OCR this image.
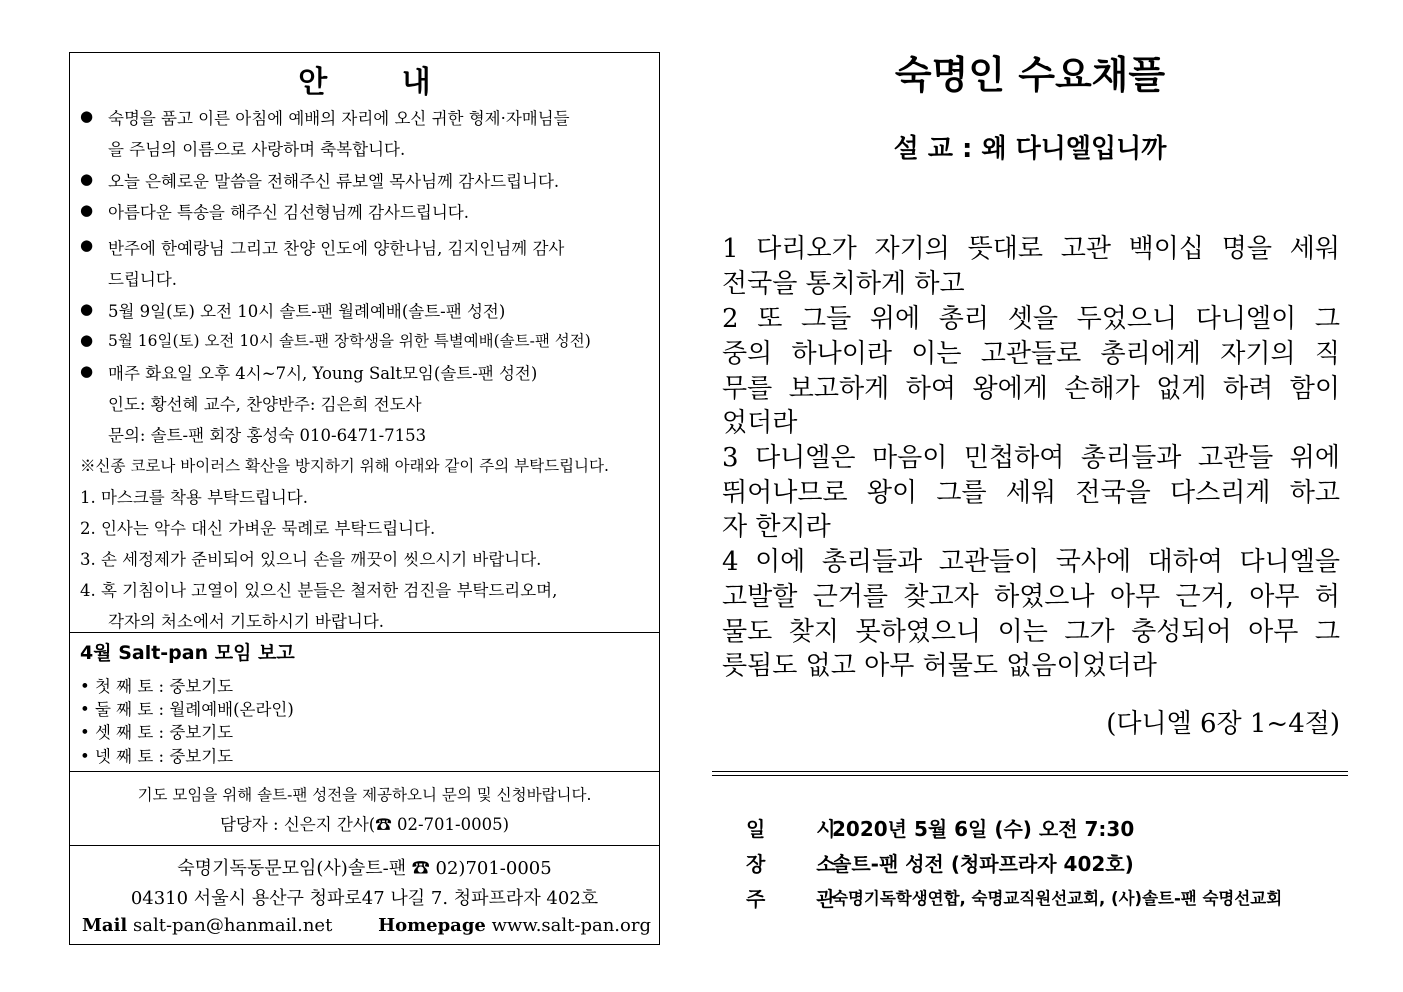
안 내
● 숙명을 품고 이른 아침에 예배의 자리에 오신 귀한 형제·자매님들
을 주님의 이름으로 사랑하며 축복합니다.
● 오늘 은혜로운 말씀을 전해주신 류보엘 목사님께 감사드립니다.
● 아름다운 특송을 해주신 김선형님께 감사드립니다.
● 반주에 한예랑님 그리고 찬양 인도에 양한나님, 김지인님께 감사
드립니다.
● 5월 9일(토) 오전 10시 솔트-팬 월례예배(솔트-팬 성전)
● 5월 16일(토) 오전 10시 솔트-팬 장학생을 위한 특별예배(솔트-팬 성전)
● 매주 화요일 오후 4시~7시, Young Salt모임(솔트-팬 성전)
인도: 황선혜 교수, 찬양반주: 김은희 전도사
문의: 솔트-팬 회장 홍성숙 010-6471-7153
※신종 코로나 바이러스 확산을 방지하기 위해 아래와 같이 주의 부탁드립니다.
1. 마스크를 착용 부탁드립니다.
2. 인사는 악수 대신 가벼운 묵례로 부탁드립니다.
3. 손 세정제가 준비되어 있으니 손을 깨끗이 씻으시기 바랍니다.
4. 혹 기침이나 고열이 있으신 분들은 철저한 검진을 부탁드리오며,
각자의 처소에서 기도하시기 바랍니다.
4월 Salt-pan 모임 보고
• 첫 째 토 : 중보기도
• 둘 째 토 : 월례예배(온라인)
• 셋 째 토 : 중보기도
• 넷 째 토 : 중보기도
기도 모임을 위해 솔트-팬 성전을 제공하오니 문의 및 신청바랍니다.
담당자 : 신은지 간사(☎ 02-701-0005)
숙명기독동문모임(사)솔트-팬 ☎ 02)701-0005
04310 서울시 용산구 청파로47 나길 7. 청파프라자 402호
Mail salt-pan@hanmail.net	Homepage www.salt-pan.org
숙명인 수요채플
설 교 : 왜 다니엘입니까
1 다리오가 자기의 뜻대로 고관 백이십 명을 세워
전국을 통치하게 하고
2 또 그들 위에 총리 셋을 두었으니 다니엘이 그
중의 하나이라 이는 고관들로 총리에게 자기의 직
무를 보고하게 하여 왕에게 손해가 없게 하려 함이
었더라
3 다니엘은 마음이 민첩하여 총리들과 고관들 위에
뛰어나므로 왕이 그를 세워 전국을 다스리게 하고
자 한지라
4 이에 총리들과 고관들이 국사에 대하여 다니엘을
고발할 근거를 찾고자 하였으나 아무 근거, 아무 허
물도 찾지 못하였으니 이는 그가 충성되어 아무 그
릇됨도 없고 아무 허물도 없음이었더라
(다니엘 6장 1~4절)
일 시
2020년 5월 6일 (수) 오전 7:30
장 소
솔트-팬 성전 (청파프라자 402호)
주 관
숙명기독학생연합, 숙명교직원선교회, (사)솔트-팬 숙명선교회
